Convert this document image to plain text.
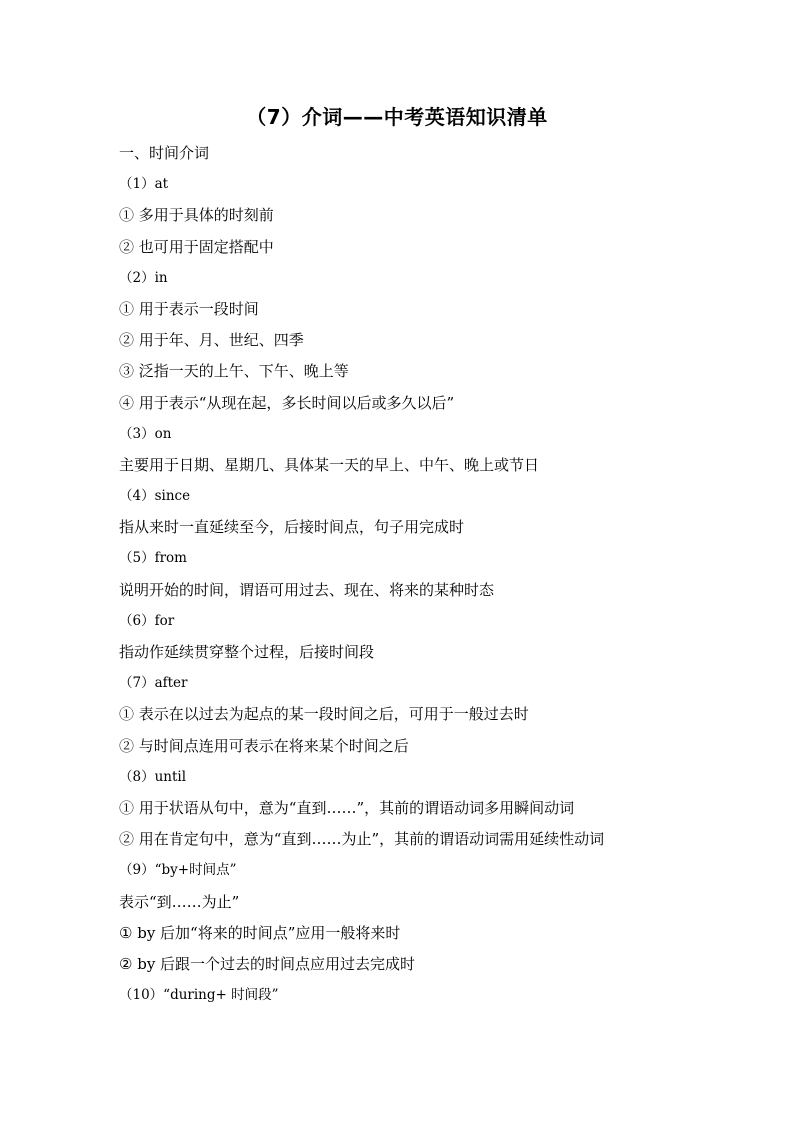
（7）介词——中考英语知识清单
一、时间介词
（1）at
① 多用于具体的时刻前
② 也可用于固定搭配中
（2）in
① 用于表示一段时间
② 用于年、月、世纪、四季
③ 泛指一天的上午、下午、晚上等
④ 用于表示“从现在起，多长时间以后或多久以后”
（3）on
主要用于日期、星期几、具体某一天的早上、中午、晚上或节日
（4）since
指从来时一直延续至今，后接时间点，句子用完成时
（5）from
说明开始的时间，谓语可用过去、现在、将来的某种时态
（6）for
指动作延续贯穿整个过程，后接时间段
（7）after
① 表示在以过去为起点的某一段时间之后，可用于一般过去时
② 与时间点连用可表示在将来某个时间之后
（8）until
① 用于状语从句中，意为“直到……”，其前的谓语动词多用瞬间动词
② 用在肯定句中，意为“直到……为止”，其前的谓语动词需用延续性动词
（9）“by+时间点”
表示“到……为止”
① by 后加“将来的时间点”应用一般将来时
② by 后跟一个过去的时间点应用过去完成时
（10）“during+ 时间段”
